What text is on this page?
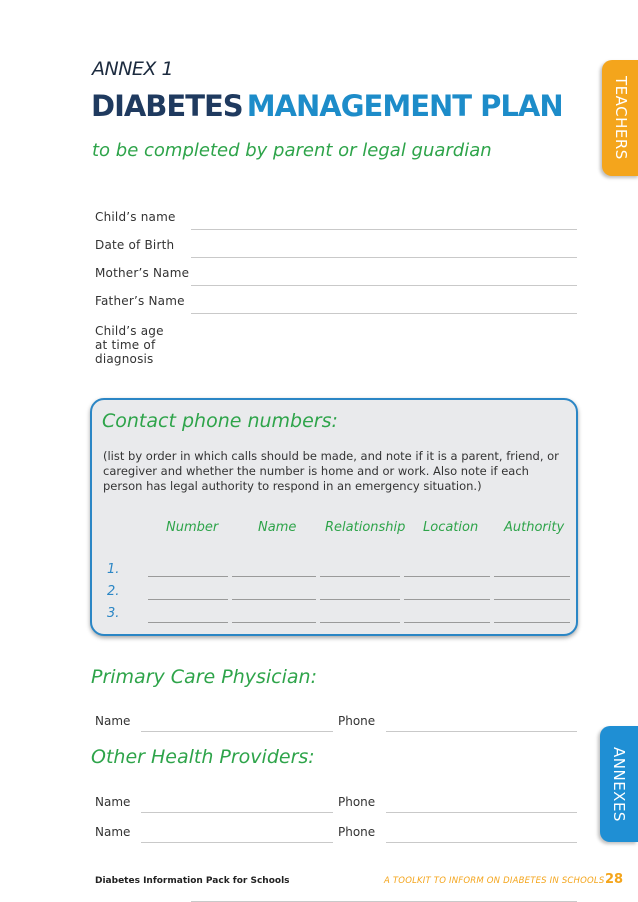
ANNEX 1
DIABETES MANAGEMENT PLAN
to be completed by parent or legal guardian	TEACHERS
ANNEXES
Child’s name
Date of Birth
Mother’s Name
Father’s Name
Child’s age
at time of
diagnosis
Contact phone numbers:
(list by order in which calls should be made, and note if it is a parent, friend, or caregiver and whether the number is home and or work. Also note if each person has legal authority to respond in an emergency situation.)
Number	Name Relationship Location Authority
1.
2.
3.
Primary Care Physician:
Name	Phone
Other Health Providers:
Name	Phone
Name	Phone
Diabetes Information Pack for Schools	A TOOLKIT TO INFORM ON DIABETES IN SCHOOLS 28
